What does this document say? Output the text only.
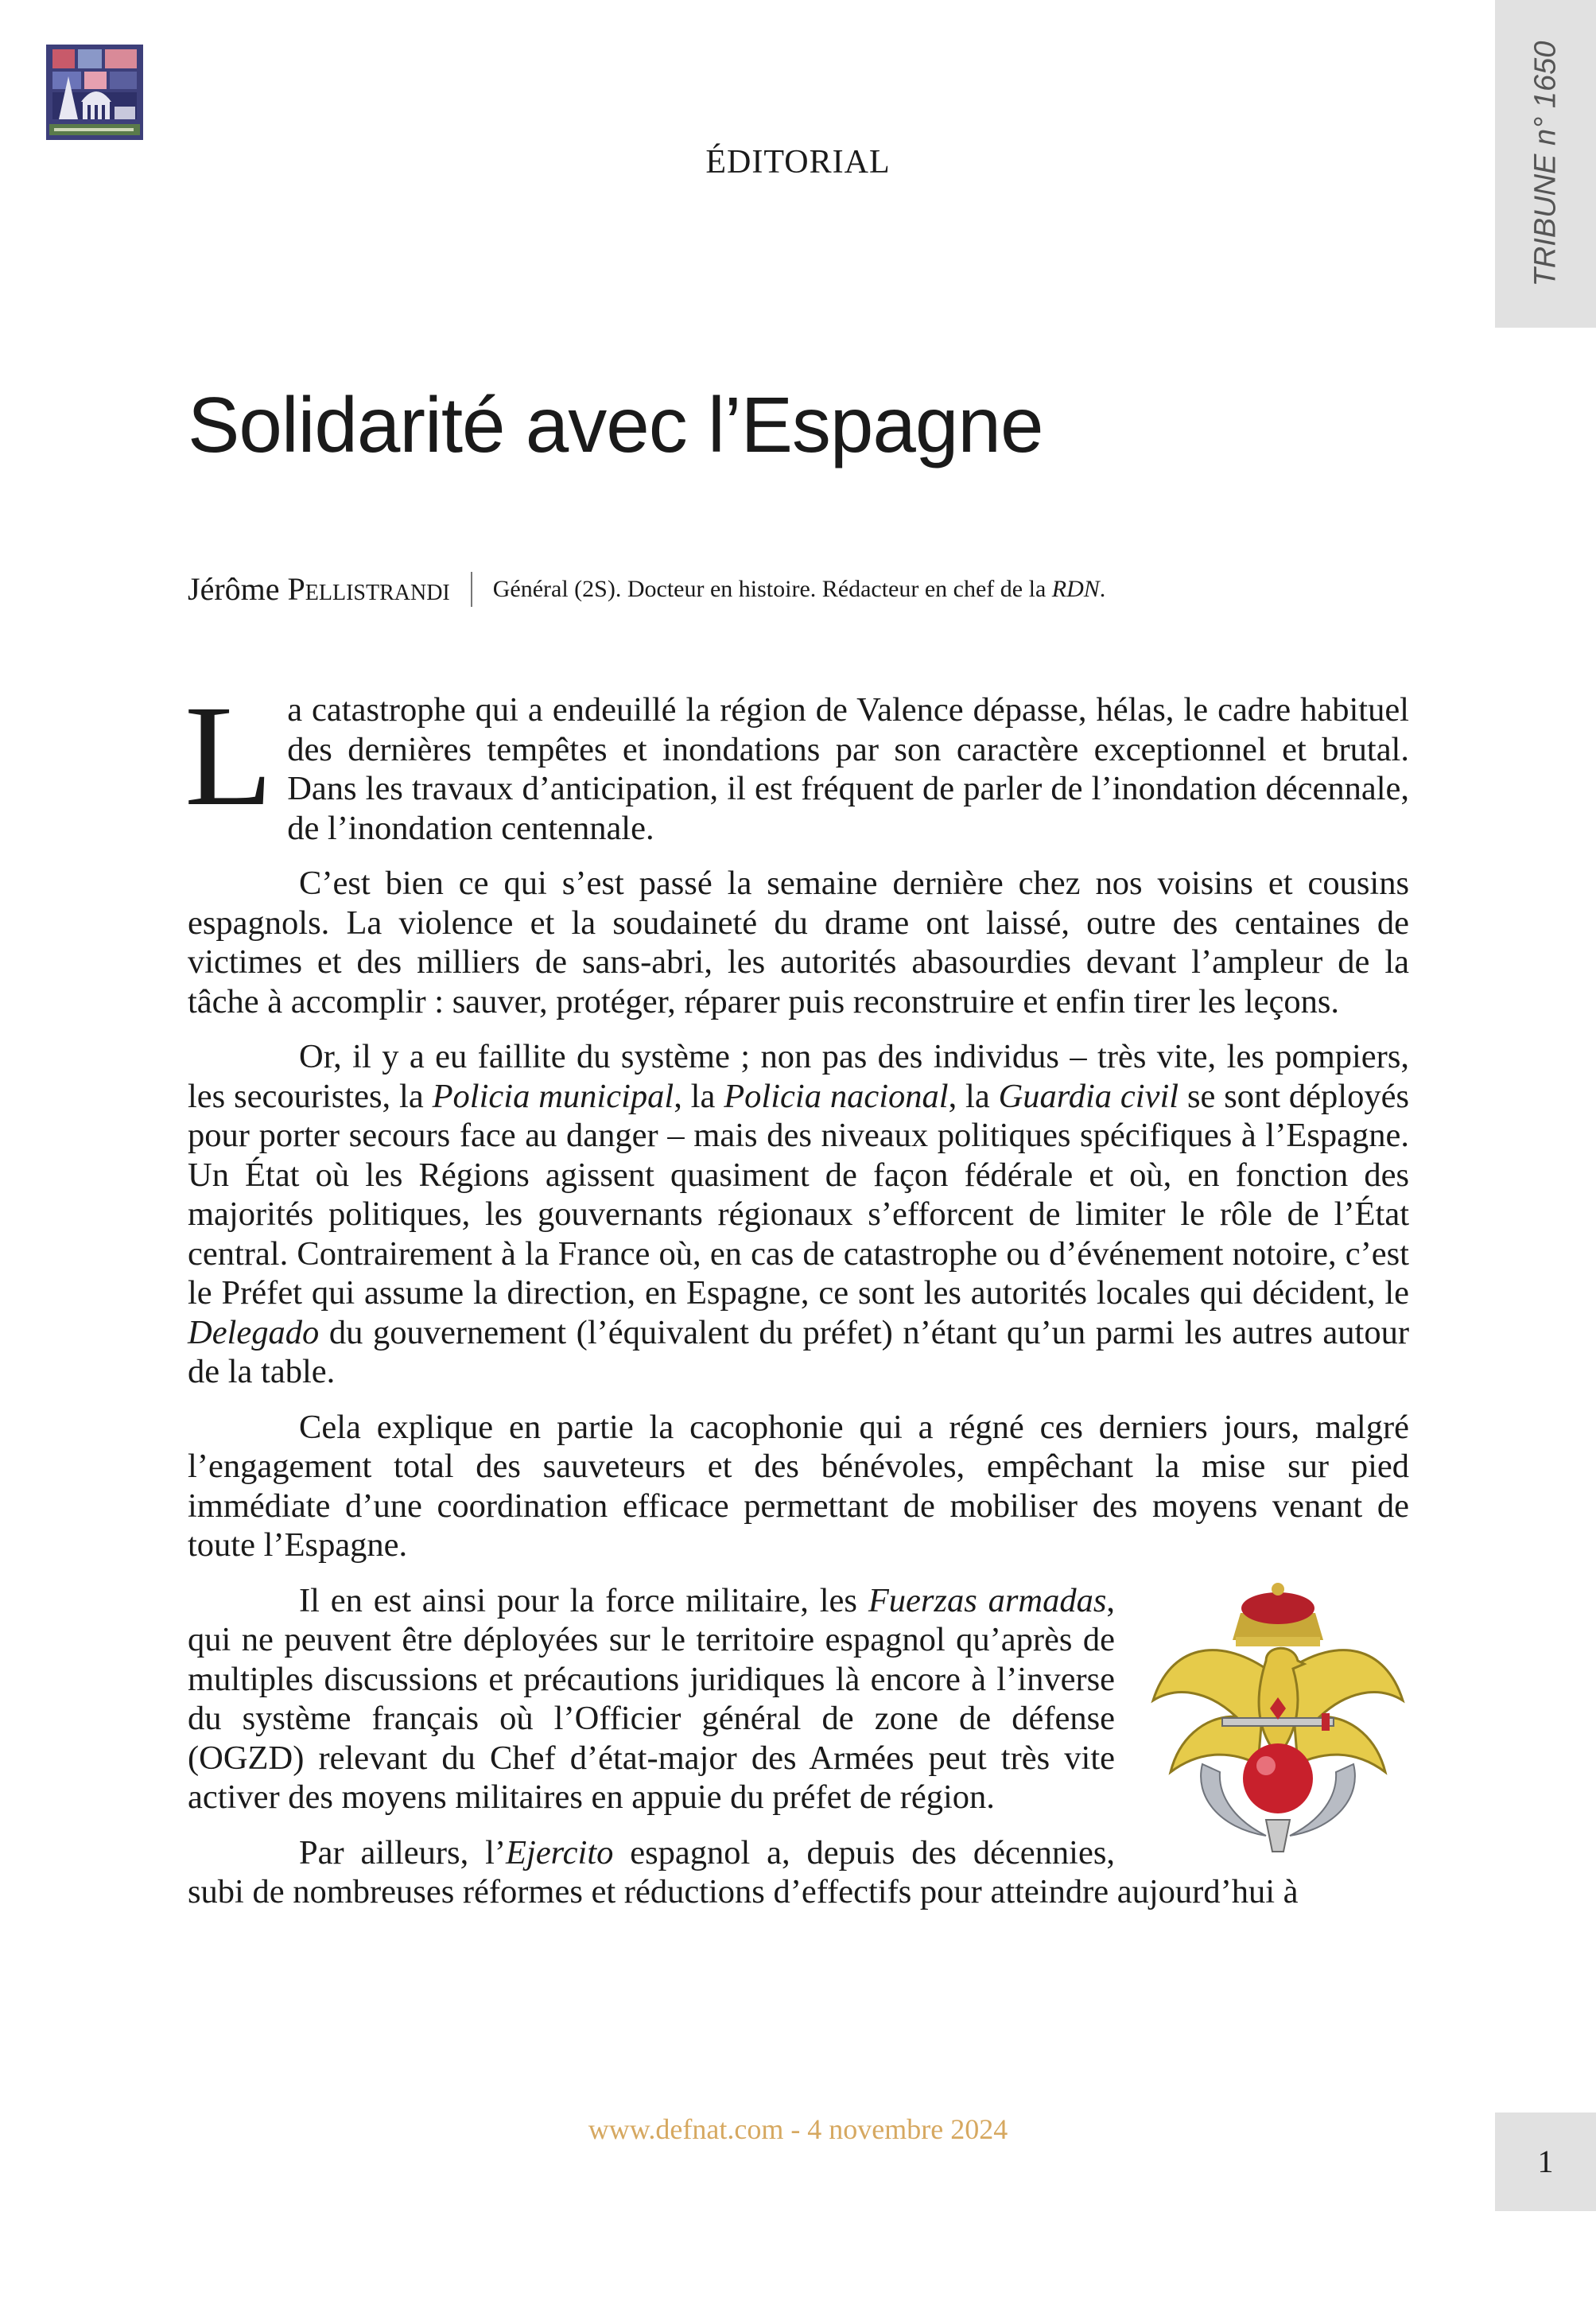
TRIBUNE n° 1650
ÉDITORIAL
Solidarité avec l’Espagne
Jérôme Pellistrandi Général (2S). Docteur en histoire. Rédacteur en chef de la RDN.

La catastrophe qui a endeuillé la région de Valence dépasse, hélas, le cadre habituel des dernières tempêtes et inondations par son caractère exceptionnel et brutal. Dans les travaux d’anticipation, il est fréquent de parler de l’inondation décennale, de l’inondation centennale.

C’est bien ce qui s’est passé la semaine dernière chez nos voisins et cousins espagnols. La violence et la soudaineté du drame ont laissé, outre des centaines de victimes et des milliers de sans-abri, les autorités abasourdies devant l’ampleur de la tâche à accomplir : sauver, protéger, réparer puis reconstruire et enfin tirer les leçons.

Or, il y a eu faillite du système ; non pas des individus – très vite, les pompiers, les secouristes, la Policia municipal, la Policia nacional, la Guardia civil se sont déployés pour porter secours face au danger – mais des niveaux politiques spécifiques à l’Espagne. Un État où les Régions agissent quasiment de façon fédérale et où, en fonction des majorités politiques, les gouvernants régionaux s’efforcent de limiter le rôle de l’État central. Contrairement à la France où, en cas de catastrophe ou d’événement notoire, c’est le Préfet qui assume la direction, en Espagne, ce sont les autorités locales qui décident, le Delegado du gouvernement (l’équivalent du préfet) n’étant qu’un parmi les autres autour de la table.

Cela explique en partie la cacophonie qui a régné ces derniers jours, malgré l’engagement total des sauveteurs et des bénévoles, empêchant la mise sur pied immédiate d’une coordination efficace permettant de mobiliser des moyens venant de toute l’Espagne.

Il en est ainsi pour la force militaire, les Fuerzas armadas, qui ne peuvent être déployées sur le territoire espagnol qu’après de multiples discussions et précautions juridiques là encore à l’inverse du système français où l’Officier général de zone de défense (OGZD) relevant du Chef d’état-major des Armées peut très vite activer des moyens militaires en appuie du préfet de région.

Par ailleurs, l’Ejercito espagnol a, depuis des décennies, subi de nombreuses réformes et réductions d’effectifs pour atteindre aujourd’hui à

www.defnat.com - 4 novembre 2024
1
